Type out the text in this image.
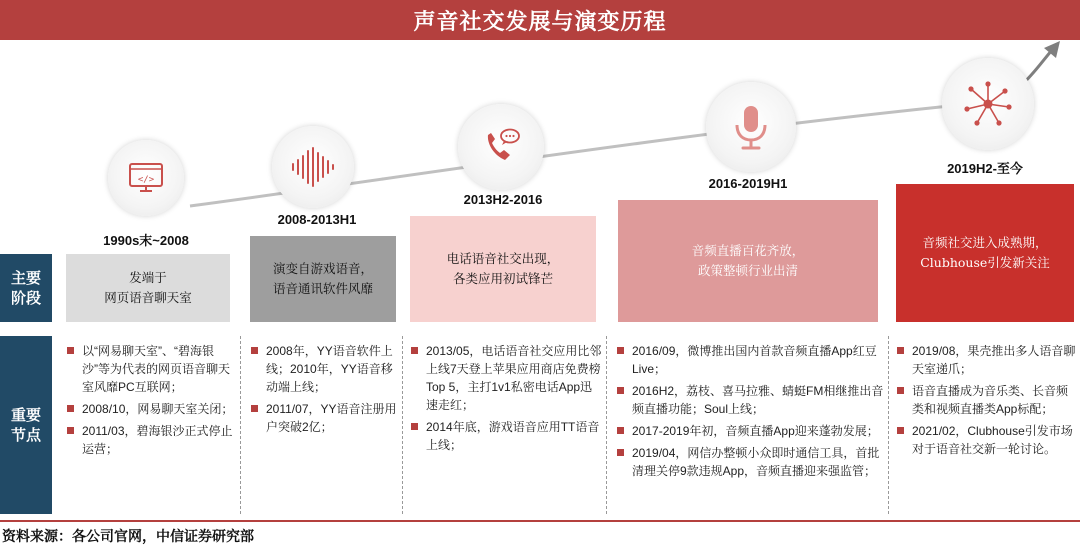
声音社交发展与演变历程
</>
1990s末~2008
2008-2013H1
2013H2-2016
2016-2019H1
2019H2-至今
主要阶段
重要节点
发端于
网页语音聊天室
演变自游戏语音，
语音通讯软件风靡
电话语音社交出现，
各类应用初试锋芒
音频直播百花齐放，
政策整顿行业出清
音频社交进入成熟期，
Clubhouse引发新关注
以“网易聊天室”、“碧海银沙”等为代表的网页语音聊天室风靡PC互联网；
2008/10，网易聊天室关闭；
2011/03，碧海银沙正式停止运营；
2008年，YY语音软件上线；2010年，YY语音移动端上线；
2011/07，YY语音注册用户突破2亿；
2013/05，电话语音社交应用比邻上线7天登上苹果应用商店免费榜Top 5，主打1v1私密电话App迅速走红；
2014年底，游戏语音应用TT语音上线；
2016/09，微博推出国内首款音频直播App红豆Live；
2016H2，荔枝、喜马拉雅、蜻蜓FM相继推出音频直播功能；Soul上线；
2017-2019年初，音频直播App迎来蓬勃发展；
2019/04，网信办整顿小众即时通信工具，首批清理关停9款违规App，音频直播迎来强监管；
2019/08，果壳推出多人语音聊天室递爪；
语音直播成为音乐类、长音频类和视频直播类App标配；
2021/02，Clubhouse引发市场对于语音社交新一轮讨论。
资料来源：各公司官网，中信证券研究部
